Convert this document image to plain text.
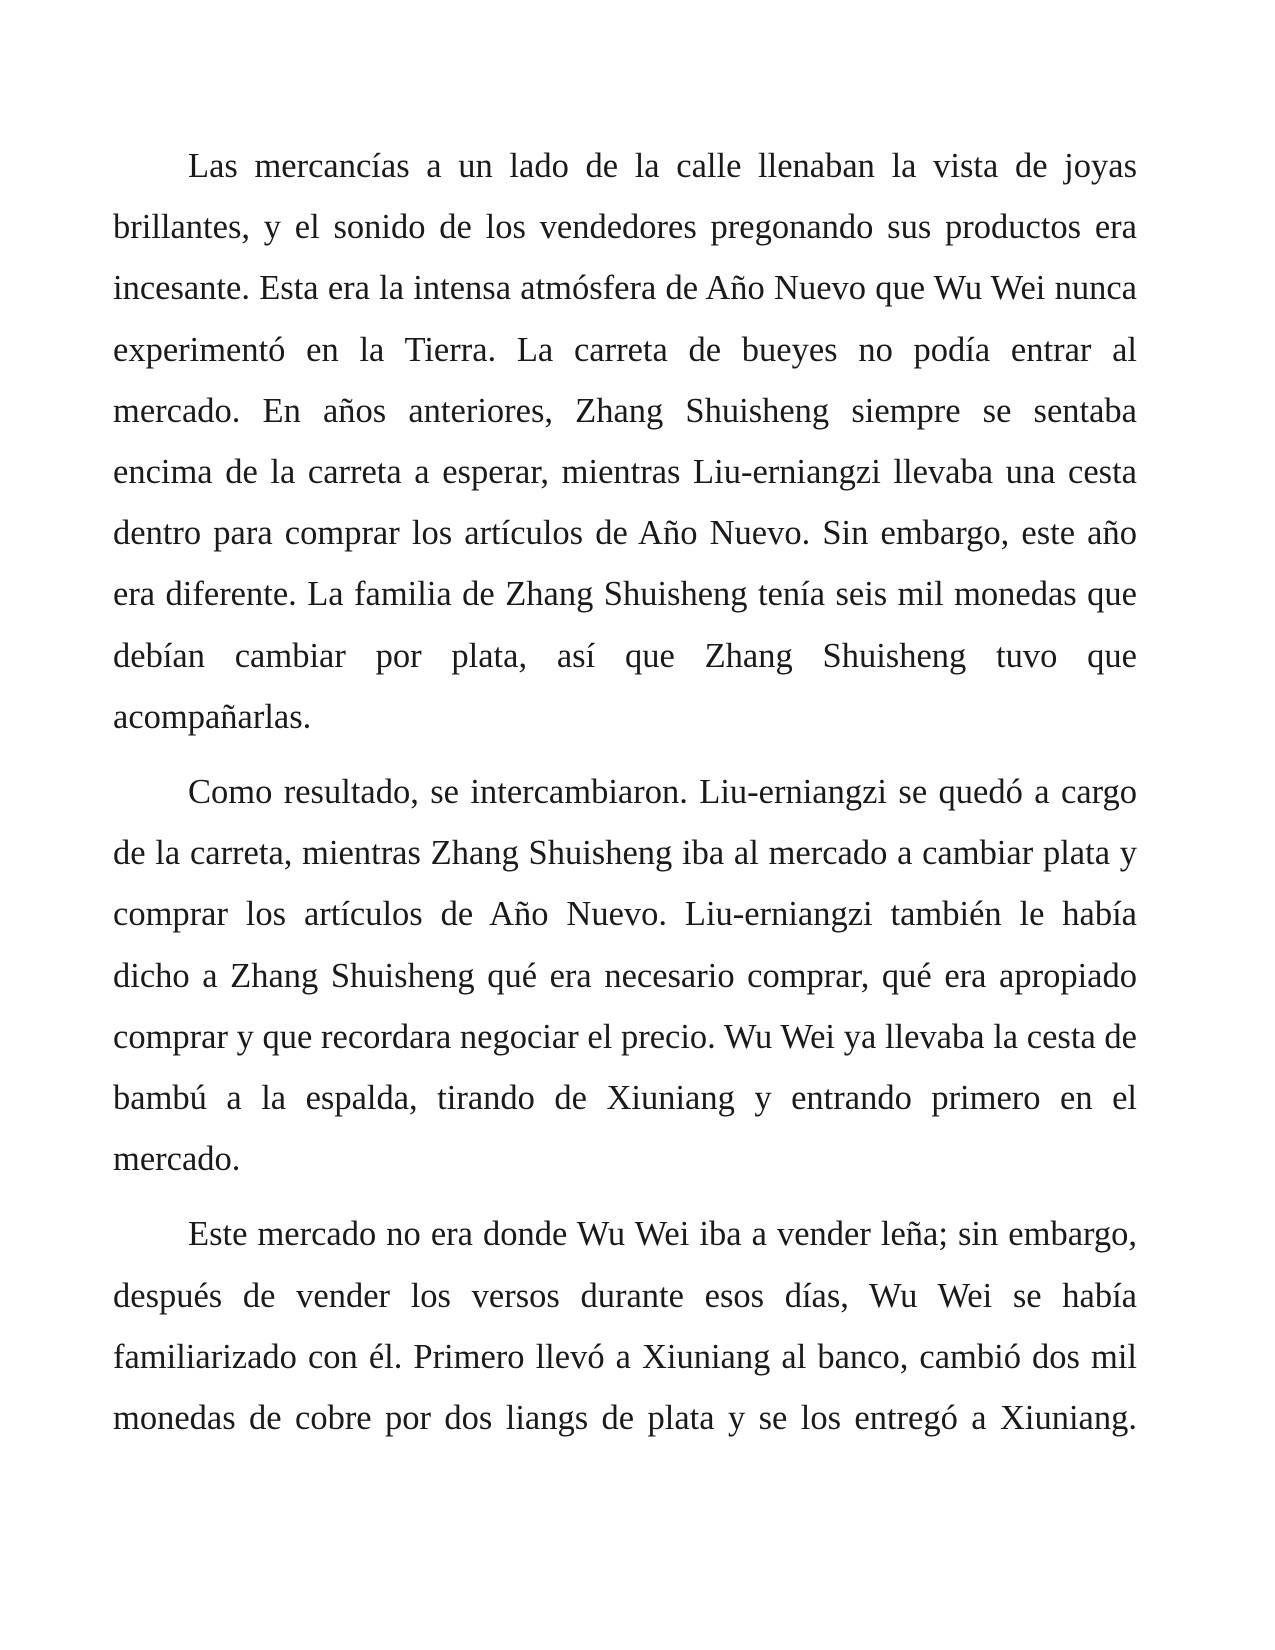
Las mercancías a un lado de la calle llenaban la vista de joyas brillantes, y el sonido de los vendedores pregonando sus productos era incesante. Esta era la intensa atmósfera de Año Nuevo que Wu Wei nunca experimentó en la Tierra. La carreta de bueyes no podía entrar al mercado. En años anteriores, Zhang Shuisheng siempre se sentaba encima de la carreta a esperar, mientras Liu-erniangzi llevaba una cesta dentro para comprar los artículos de Año Nuevo. Sin embargo, este año era diferente. La familia de Zhang Shuisheng tenía seis mil monedas que debían cambiar por plata, así que Zhang Shuisheng tuvo que acompañarlas.

Como resultado, se intercambiaron. Liu-erniangzi se quedó a cargo de la carreta, mientras Zhang Shuisheng iba al mercado a cambiar plata y comprar los artículos de Año Nuevo. Liu-erniangzi también le había dicho a Zhang Shuisheng qué era necesario comprar, qué era apropiado comprar y que recordara negociar el precio. Wu Wei ya llevaba la cesta de bambú a la espalda, tirando de Xiuniang y entrando primero en el mercado.

Este mercado no era donde Wu Wei iba a vender leña; sin embargo, después de vender los versos durante esos días, Wu Wei se había familiarizado con él. Primero llevó a Xiuniang al banco, cambió dos mil monedas de cobre por dos liangs de plata y se los entregó a Xiuniang.
